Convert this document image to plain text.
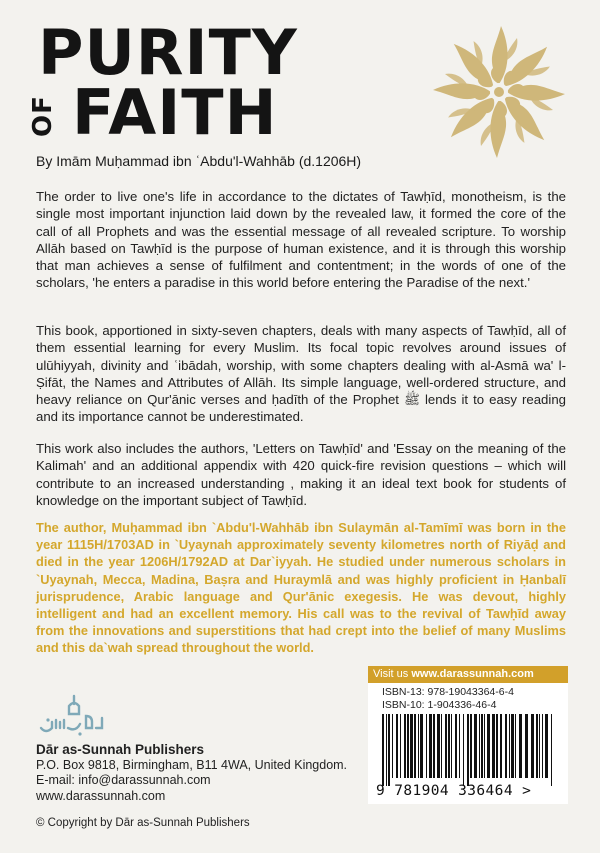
PURITY
OF FAITH
By Imām Muḥammad ibn ʿAbdu'l-Wahhāb (d.1206H)
The order to live one's life in accordance to the dictates of Tawḥīd, monotheism, is the single most important injunction laid down by the revealed law, it formed the core of the call of all Prophets and was the essential message of all revealed scripture. To worship Allāh based on Tawḥīd is the purpose of human existence, and it is through this worship that man achieves a sense of fulfilment and contentment; in the words of one of the scholars, 'he enters a paradise in this world before entering the Paradise of the next.'
This book, apportioned in sixty-seven chapters, deals with many aspects of Tawḥīd, all of them essential learning for every Muslim. Its focal topic revolves around issues of ulūhiyyah, divinity and ʿibādah, worship, with some chapters dealing with al-Asmā wa' l-Ṣifāt, the Names and Attributes of Allāh. Its simple language, well-ordered structure, and heavy reliance on Qur'ānic verses and ḥadīth of the Prophet ﷺ lends it to easy reading and its importance cannot be underestimated.
This work also includes the authors, 'Letters on Tawḥīd' and 'Essay on the meaning of the Kalimah' and an additional appendix with 420 quick-fire revision questions – which will contribute to an increased understanding , making it an ideal text book for students of knowledge on the important subject of Tawḥīd.
The author, Muḥammad ibn `Abdu'l-Wahhāb ibn Sulaymān al-Tamīmī was born in the year 1115H/1703AD in `Uyaynah approximately seventy kilometres north of Riyāḍ and died in the year 1206H/1792AD at Dar`iyyah. He studied under numerous scholars in `Uyaynah, Mecca, Madina, Baṣra and Huraymlā and was highly proficient in Ḥanbalī jurisprudence, Arabic language and Qur'ānic exegesis. He was devout, highly intelligent and had an excellent memory. His call was to the revival of Tawḥīd away from the innovations and superstitions that had crept into the belief of many Muslims and this da`wah spread throughout the world.
Dār as-Sunnah Publishers
P.O. Box 9818, Birmingham, B11 4WA, United Kingdom.
E-mail: info@darassunnah.com
www.darassunnah.com
© Copyright by Dār as-Sunnah Publishers
Visit us www.darassunnah.com
ISBN-13: 978-19043364-6-4
ISBN-10: 1-904336-46-4
9 781904 336464 >
